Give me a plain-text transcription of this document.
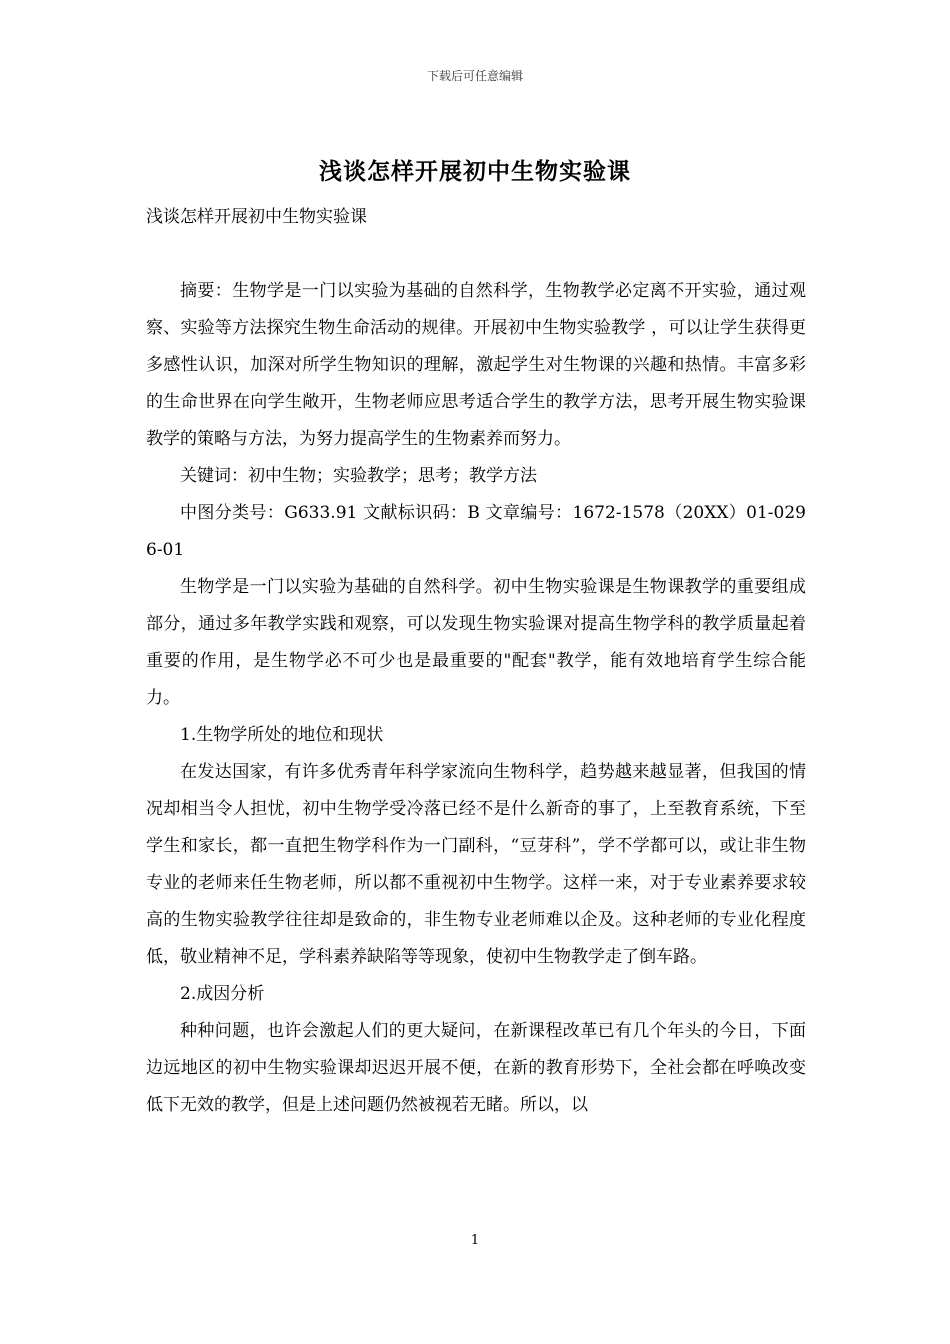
下载后可任意编辑
浅谈怎样开展初中生物实验课
浅谈怎样开展初中生物实验课

摘要：生物学是一门以实验为基础的自然科学，生物教学必定离不开实验，通过观察、实验等方法探究生物生命活动的规律。开展初中生物实验教学 ，可以让学生获得更多感性认识，加深对所学生物知识的理解，激起学生对生物课的兴趣和热情。丰富多彩的生命世界在向学生敞开，生物老师应思考适合学生的教学方法，思考开展生物实验课教学的策略与方法，为努力提高学生的生物素养而努力。

关键词：初中生物；实验教学；思考；教学方法

中图分类号：G633.91 文献标识码：B 文章编号：1672-1578（20XX）01-0296-01

生物学是一门以实验为基础的自然科学。初中生物实验课是生物课教学的重要组成部分，通过多年教学实践和观察，可以发现生物实验课对提高生物学科的教学质量起着重要的作用，是生物学必不可少也是最重要的"配套"教学，能有效地培育学生综合能力。

1.生物学所处的地位和现状

在发达国家，有许多优秀青年科学家流向生物科学，趋势越来越显著，但我国的情况却相当令人担忧，初中生物学受冷落已经不是什么新奇的事了，上至教育系统，下至学生和家长，都一直把生物学科作为一门副科，“豆芽科”，学不学都可以，或让非生物专业的老师来任生物老师，所以都不重视初中生物学。这样一来，对于专业素养要求较高的生物实验教学往往却是致命的，非生物专业老师难以企及。这种老师的专业化程度低，敬业精神不足，学科素养缺陷等等现象，使初中生物教学走了倒车路。

2.成因分析

种种问题，也许会激起人们的更大疑问，在新课程改革已有几个年头的今日，下面边远地区的初中生物实验课却迟迟开展不便，在新的教育形势下，全社会都在呼唤改变低下无效的教学，但是上述问题仍然被视若无睹。所以，以

1
